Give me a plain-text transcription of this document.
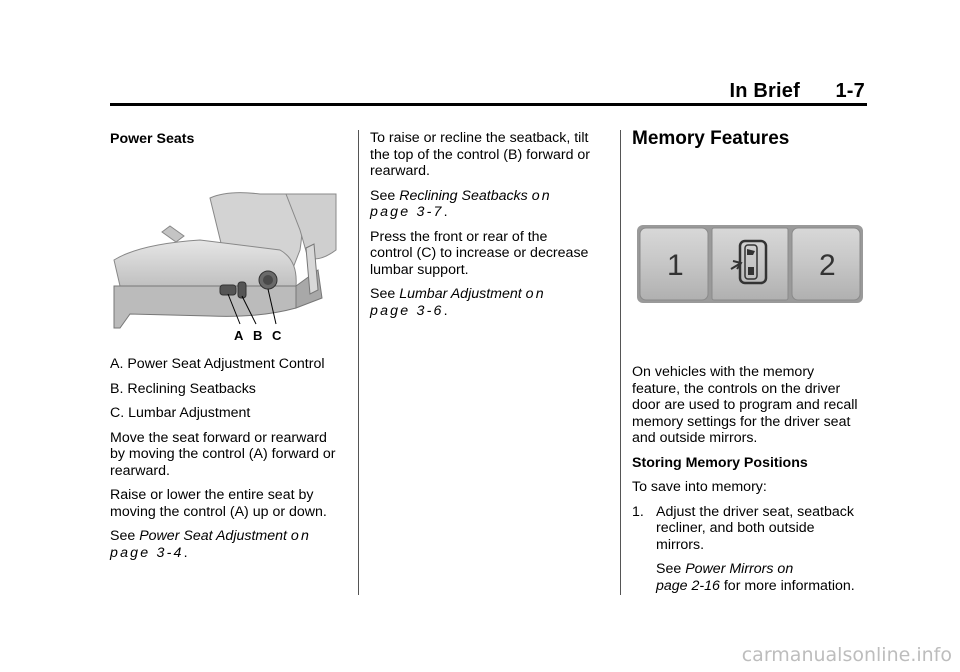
In Brief 1-7
Power Seats
A B C

A. Power Seat Adjustment Control

B. Reclining Seatbacks

C. Lumbar Adjustment

Move the seat forward or rearward

by moving the control (A) forward or

rearward.

Raise or lower the entire seat by

moving the control (A) up or down.

See Power Seat Adjustment on

page 3-4.

To raise or recline the seatback, tilt

the top of the control (B) forward or

rearward.

See Reclining Seatbacks on

page 3-7.

Press the front or rear of the

control (C) to increase or decrease

lumbar support.

See Lumbar Adjustment on

page 3-6.

Memory Features
1	2

On vehicles with the memory

feature, the controls on the driver

door are used to program and recall

memory settings for the driver seat

and outside mirrors.

Storing Memory Positions

To save into memory:

1. Adjust the driver seat, seatback

recliner, and both outside

mirrors.

See Power Mirrors on

page 2-16 for more information.

carmanualsonline.info
